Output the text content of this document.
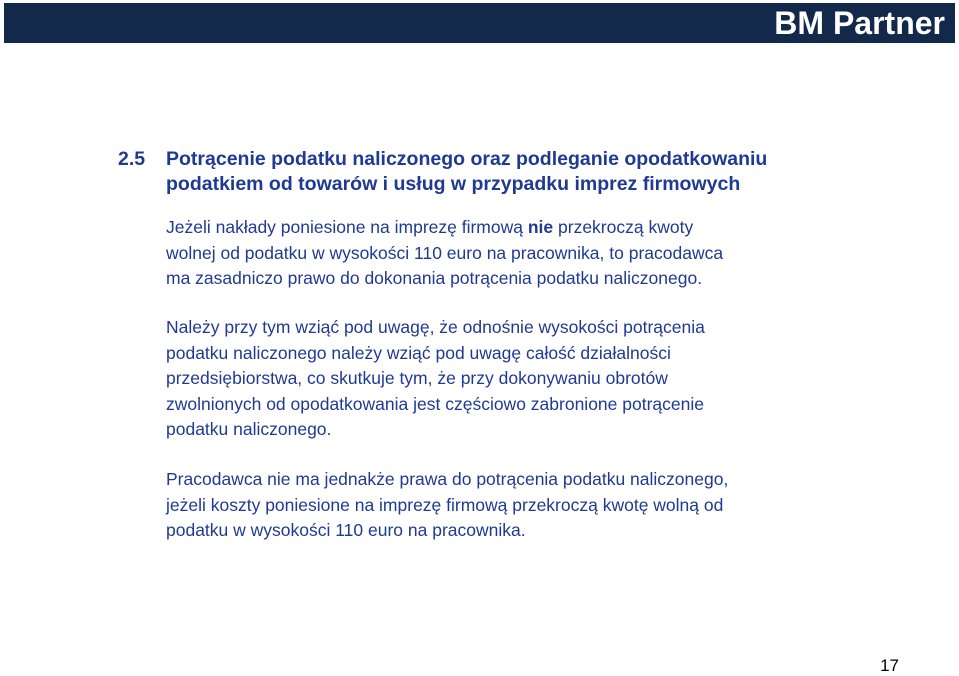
BM Partner
2.5 Potrącenie podatku naliczonego oraz podleganie opodatkowaniu
podatkiem od towarów i usług w przypadku imprez firmowych
Jeżeli nakłady poniesione na imprezę firmową nie przekroczą kwoty
wolnej od podatku w wysokości 110 euro na pracownika, to pracodawca
ma zasadniczo prawo do dokonania potrącenia podatku naliczonego.
Należy przy tym wziąć pod uwagę, że odnośnie wysokości potrącenia
podatku naliczonego należy wziąć pod uwagę całość działalności
przedsiębiorstwa, co skutkuje tym, że przy dokonywaniu obrotów
zwolnionych od opodatkowania jest częściowo zabronione potrącenie
podatku naliczonego.
Pracodawca nie ma jednakże prawa do potrącenia podatku naliczonego,
jeżeli koszty poniesione na imprezę firmową przekroczą kwotę wolną od
podatku w wysokości 110 euro na pracownika.
17
